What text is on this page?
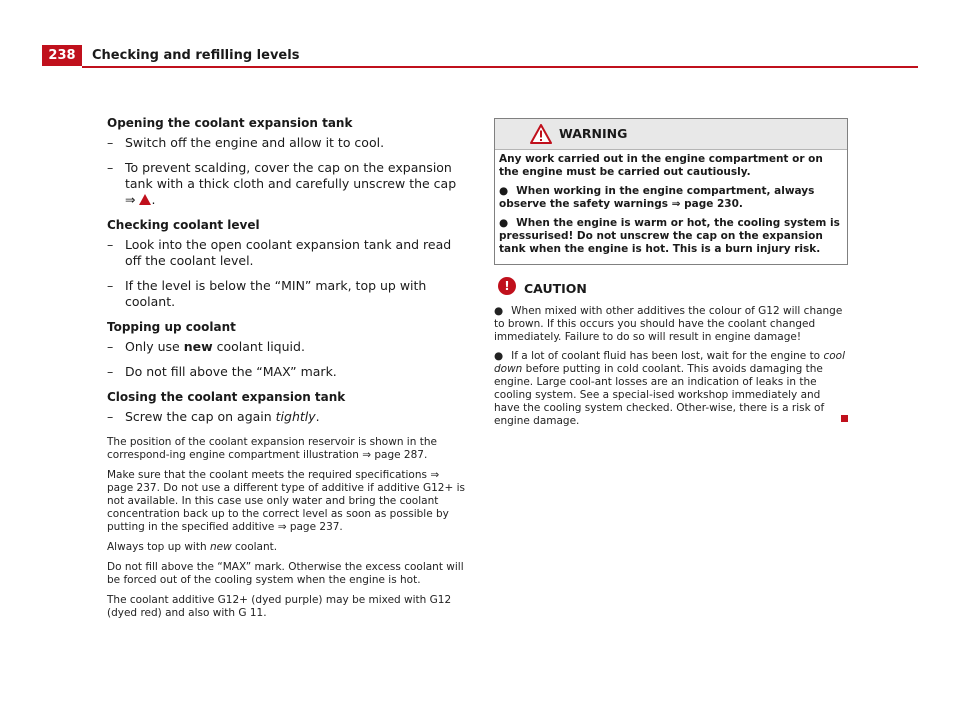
238	Checking and refilling levels
Opening the coolant expansion tank
– Switch off the engine and allow it to cool.
– To prevent scalding, cover the cap on the expansion tank with a thick cloth and carefully unscrew the cap ⇒ .
Checking coolant level
– Look into the open coolant expansion tank and read off the coolant level.
– If the level is below the “MIN” mark, top up with coolant.
Topping up coolant
– Only use new coolant liquid.
– Do not fill above the “MAX” mark.
Closing the coolant expansion tank
– Screw the cap on again tightly.

The position of the coolant expansion reservoir is shown in the correspond-ing engine compartment illustration ⇒ page 287.

Make sure that the coolant meets the required specifications ⇒ page 237. Do not use a different type of additive if additive G12+ is not available. In this case use only water and bring the coolant concentration back up to the correct level as soon as possible by putting in the specified additive ⇒ page 237.

Always top up with new coolant.

Do not fill above the “MAX” mark. Otherwise the excess coolant will be forced out of the cooling system when the engine is hot.

The coolant additive G12+ (dyed purple) may be mixed with G12 (dyed red) and also with G 11.

WARNING

Any work carried out in the engine compartment or on the engine must be carried out cautiously.

● When working in the engine compartment, always observe the safety warnings ⇒ page 230.

● When the engine is warm or hot, the cooling system is pressurised! Do not unscrew the cap on the expansion tank when the engine is hot. This is a burn injury risk.

!	CAUTION

● When mixed with other additives the colour of G12 will change to brown. If this occurs you should have the coolant changed immediately. Failure to do so will result in engine damage!

● If a lot of coolant fluid has been lost, wait for the engine to cool down before putting in cold coolant. This avoids damaging the engine. Large cool-ant losses are an indication of leaks in the cooling system. See a special-ised workshop immediately and have the cooling system checked. Other-wise, there is a risk of engine damage.
